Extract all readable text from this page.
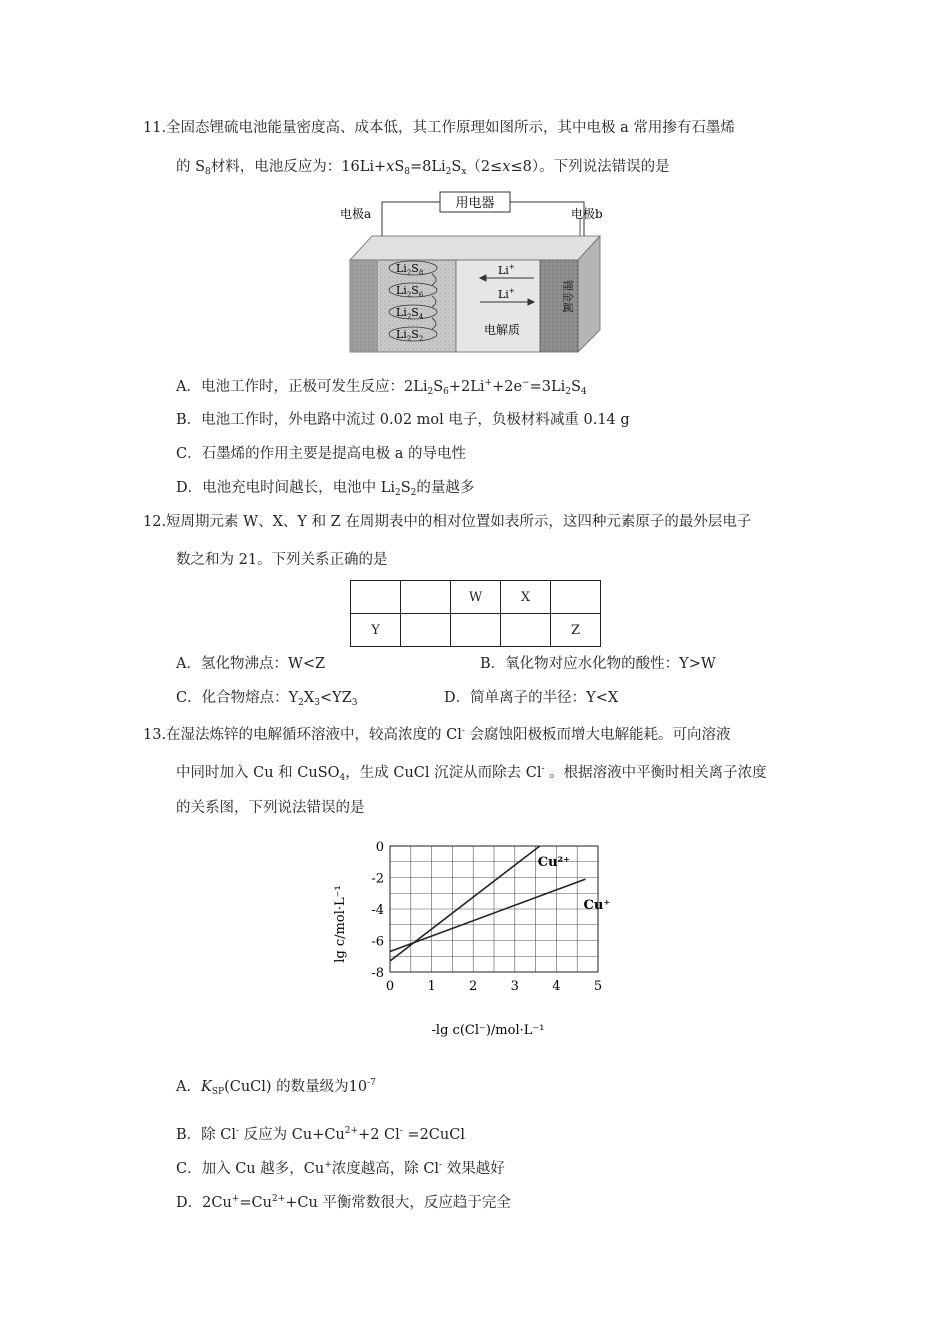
11.全固态锂硫电池能量密度高、成本低，其工作原理如图所示，其中电极 a 常用掺有石墨烯
的 $S_8$材料，电池反应为：$16Li+xS_8=8Li_2S_x(2\le x\le 8)$。下列说法错误的是
用电器
电极a	电极b
$Li_2S_8$
$Li_2S_6$
$Li_2S_4$
$Li_2S_2$
Li+
Li+
电解质
锂金属
A．电池工作时，正极可发生反应：$2Li_2S_6+2Li^++2e^-=3Li_2S_4$
B．电池工作时，外电路中流过 0.02 mol 电子，负极材料减重 0.14 g
C．石墨烯的作用主要是提高电极 a 的导电性
D．电池充电时间越长，电池中 $Li_2S_2$的量越多
12.短周期元素 W、X、Y 和 Z 在周期表中的相对位置如表所示，这四种元素原子的最外层电子
数之和为 21。下列关系正确的是
		W	X	
Y				Z
A．氢化物沸点：W<Z	B．氧化物对应水化物的酸性：Y>W
C．化合物熔点：$Y_2X_3<YZ_3$	D．简单离子的半径：Y<X
13.在湿法炼锌的电解循环溶液中，较高浓度的 Cl- 会腐蚀阳极板而增大电解能耗。可向溶液
中同时加入 Cu 和 CuSO$_4$，生成 CuCl 沉淀从而除去 Cl- 。根据溶液中平衡时相关离子浓度
的关系图，下列说法错误的是
0	1	2	3	4	5
0
-2
-4
-6
-8
Cu²⁺
Cu⁺
-lg c(Cl⁻)/mol·L⁻¹
lg c/mol·L⁻¹
A．$K_{SP}(CuCl)$ 的数量级为$10^{-7}$
B．除 Cl- 反应为 $Cu+Cu^{2+}+2$ Cl- =2CuCl
C．加入 Cu 越多，Cu+浓度越高，除 Cl- 效果越好
D．$2Cu^+=Cu^{2+}+Cu$ 平衡常数很大，反应趋于完全
